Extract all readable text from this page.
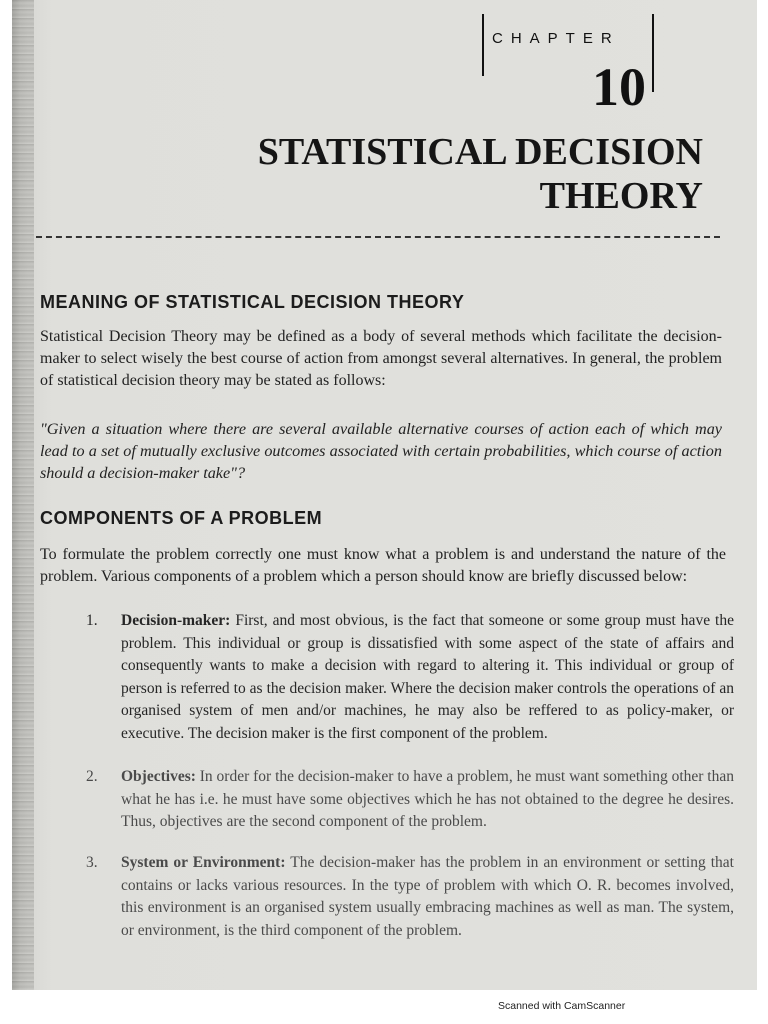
CHAPTER
10
STATISTICAL DECISION
THEORY
MEANING OF STATISTICAL DECISION THEORY

Statistical Decision Theory may be defined as a body of several methods which facilitate the decision-maker to select wisely the best course of action from amongst several alternatives. In general, the problem of statistical decision theory may be stated as follows:

"Given a situation where there are several available alternative courses of action each of which may lead to a set of mutually exclusive outcomes associated with certain probabilities, which course of action should a decision-maker take"?

COMPONENTS OF A PROBLEM

To formulate the problem correctly one must know what a problem is and understand the nature of the problem. Various components of a problem which a person should know are briefly discussed below:

1. Decision-maker: First, and most obvious, is the fact that someone or some group must have the problem. This individual or group is dissatisfied with some aspect of the state of affairs and consequently wants to make a decision with regard to altering it. This individual or group of person is referred to as the decision maker. Where the decision maker controls the operations of an organised system of men and/or machines, he may also be reffered to as policy-maker, or executive. The decision maker is the first component of the problem.
2. Objectives: In order for the decision-maker to have a problem, he must want something other than what he has i.e. he must have some objectives which he has not obtained to the degree he desires. Thus, objectives are the second component of the problem.
3. System or Environment: The decision-maker has the problem in an environment or setting that contains or lacks various resources. In the type of problem with which O. R. becomes involved, this environment is an organised system usually embracing machines as well as man. The system, or environment, is the third component of the problem.
Scanned with CamScanner
